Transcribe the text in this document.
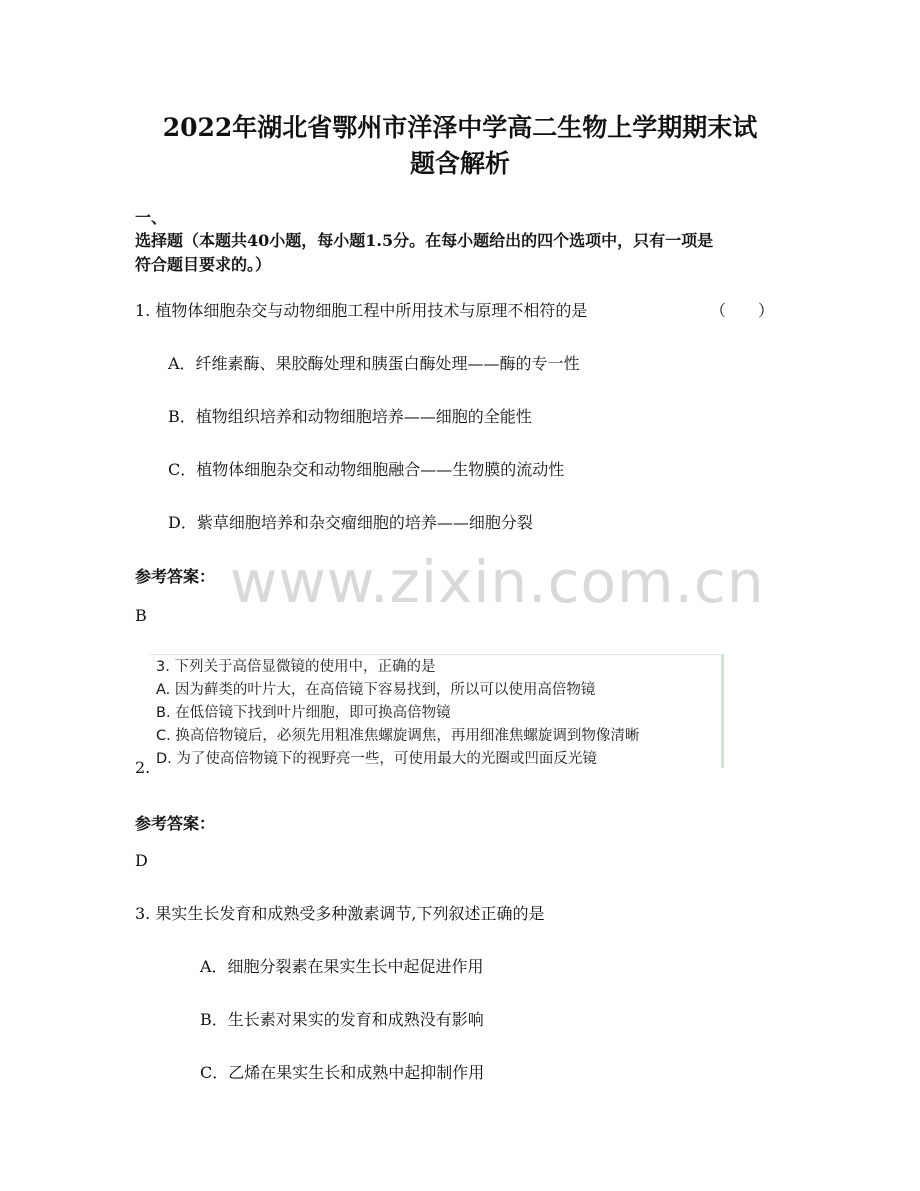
2022年湖北省鄂州市洋泽中学高二生物上学期期末试
题含解析
一、
选择题（本题共40小题，每小题1.5分。在每小题给出的四个选项中，只有一项是
符合题目要求的。）
1. 植物体细胞杂交与动物细胞工程中所用技术与原理不相符的是	（　　）
A．纤维素酶、果胶酶处理和胰蛋白酶处理——酶的专一性
B．植物组织培养和动物细胞培养——细胞的全能性
C．植物体细胞杂交和动物细胞融合——生物膜的流动性
D．紫草细胞培养和杂交瘤细胞的培养——细胞分裂
参考答案： www.zixin.com.cn
B
2.
3. 下列关于高倍显微镜的使用中，正确的是
A. 因为藓类的叶片大，在高倍镜下容易找到，所以可以使用高倍物镜
B. 在低倍镜下找到叶片细胞，即可换高倍物镜
C. 换高倍物镜后，必须先用粗准焦螺旋调焦，再用细准焦螺旋调到物像清晰
D. 为了使高倍物镜下的视野亮一些，可使用最大的光圈或凹面反光镜
参考答案：
D
3. 果实生长发育和成熟受多种激素调节,下列叙述正确的是
A．细胞分裂素在果实生长中起促进作用
B．生长素对果实的发育和成熟没有影响
C．乙烯在果实生长和成熟中起抑制作用
